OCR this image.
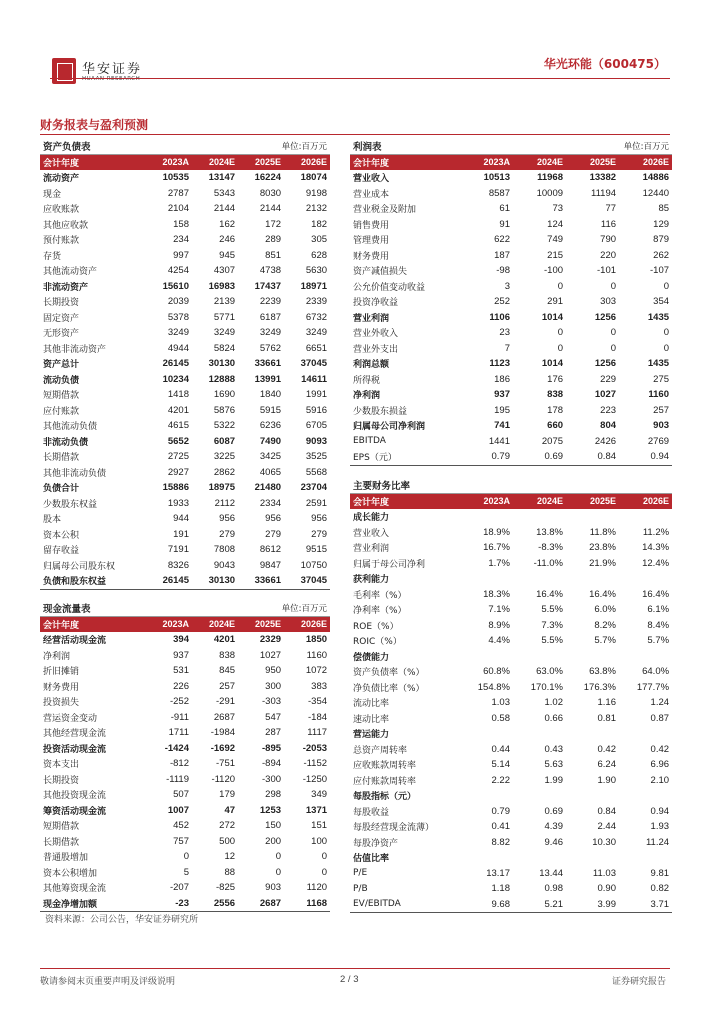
华安证券
HUAAN RESEARCH
华光环能（600475）
财务报表与盈利预测
资产负债表			单位:百万元	
会计年度	2023A	2024E	2025E	2026E
流动资产	10535	13147	16224	18074
现金	2787	5343	8030	9198
应收账款	2104	2144	2144	2132
其他应收款	158	162	172	182
预付账款	234	246	289	305
存货	997	945	851	628
其他流动资产	4254	4307	4738	5630
非流动资产	15610	16983	17437	18971
长期投资	2039	2139	2239	2339
固定资产	5378	5771	6187	6732
无形资产	3249	3249	3249	3249
其他非流动资产	4944	5824	5762	6651
资产总计	26145	30130	33661	37045
流动负债	10234	12888	13991	14611
短期借款	1418	1690	1840	1991
应付账款	4201	5876	5915	5916
其他流动负债	4615	5322	6236	6705
非流动负债	5652	6087	7490	9093
长期借款	2725	3225	3425	3525
其他非流动负债	2927	2862	4065	5568
负债合计	15886	18975	21480	23704
少数股东权益	1933	2112	2334	2591
股本	944	956	956	956
资本公积	191	279	279	279
留存收益	7191	7808	8612	9515
归属母公司股东权	8326	9043	9847	10750
负债和股东权益	26145	30130	33661	37045
现金流量表			单位:百万元	
会计年度	2023A	2024E	2025E	2026E
经营活动现金流	394	4201	2329	1850
净利润	937	838	1027	1160
折旧摊销	531	845	950	1072
财务费用	226	257	300	383
投资损失	-252	-291	-303	-354
营运资金变动	-911	2687	547	-184
其他经营现金流	1711	-1984	287	1117
投资活动现金流	-1424	-1692	-895	-2053
资本支出	-812	-751	-894	-1152
长期投资	-1119	-1120	-300	-1250
其他投资现金流	507	179	298	349
筹资活动现金流	1007	47	1253	1371
短期借款	452	272	150	151
长期借款	757	500	200	100
普通股增加	0	12	0	0
资本公积增加	5	88	0	0
其他筹资现金流	-207	-825	903	1120
现金净增加额	-23	2556	2687	1168
利润表			单位:百万元	
会计年度	2023A	2024E	2025E	2026E
营业收入	10513	11968	13382	14886
营业成本	8587	10009	11194	12440
营业税金及附加	61	73	77	85
销售费用	91	124	116	129
管理费用	622	749	790	879
财务费用	187	215	220	262
资产减值损失	-98	-100	-101	-107
公允价值变动收益	3	0	0	0
投资净收益	252	291	303	354
营业利润	1106	1014	1256	1435
营业外收入	23	0	0	0
营业外支出	7	0	0	0
利润总额	1123	1014	1256	1435
所得税	186	176	229	275
净利润	937	838	1027	1160
少数股东损益	195	178	223	257
归属母公司净利润	741	660	804	903
EBITDA	1441	2075	2426	2769
EPS（元）	0.79	0.69	0.84	0.94
主要财务比率				
会计年度	2023A	2024E	2025E	2026E
成长能力				
营业收入	18.9%	13.8%	11.8%	11.2%
营业利润	16.7%	-8.3%	23.8%	14.3%
归属于母公司净利	1.7%	-11.0%	21.9%	12.4%
获利能力				
毛利率（%）	18.3%	16.4%	16.4%	16.4%
净利率（%）	7.1%	5.5%	6.0%	6.1%
ROE（%）	8.9%	7.3%	8.2%	8.4%
ROIC（%）	4.4%	5.5%	5.7%	5.7%
偿债能力				
资产负债率（%）	60.8%	63.0%	63.8%	64.0%
净负债比率（%）	154.8%	170.1%	176.3%	177.7%
流动比率	1.03	1.02	1.16	1.24
速动比率	0.58	0.66	0.81	0.87
营运能力				
总资产周转率	0.44	0.43	0.42	0.42
应收账款周转率	5.14	5.63	6.24	6.96
应付账款周转率	2.22	1.99	1.90	2.10
每股指标（元）				
每股收益	0.79	0.69	0.84	0.94
每股经营现金流薄）	0.41	4.39	2.44	1.93
每股净资产	8.82	9.46	10.30	11.24
估值比率				
P/E	13.17	13.44	11.03	9.81
P/B	1.18	0.98	0.90	0.82
EV/EBITDA	9.68	5.21	3.99	3.71
资料来源：公司公告，华安证券研究所
敬请参阅末页重要声明及评级说明	2 / 3	证券研究报告
